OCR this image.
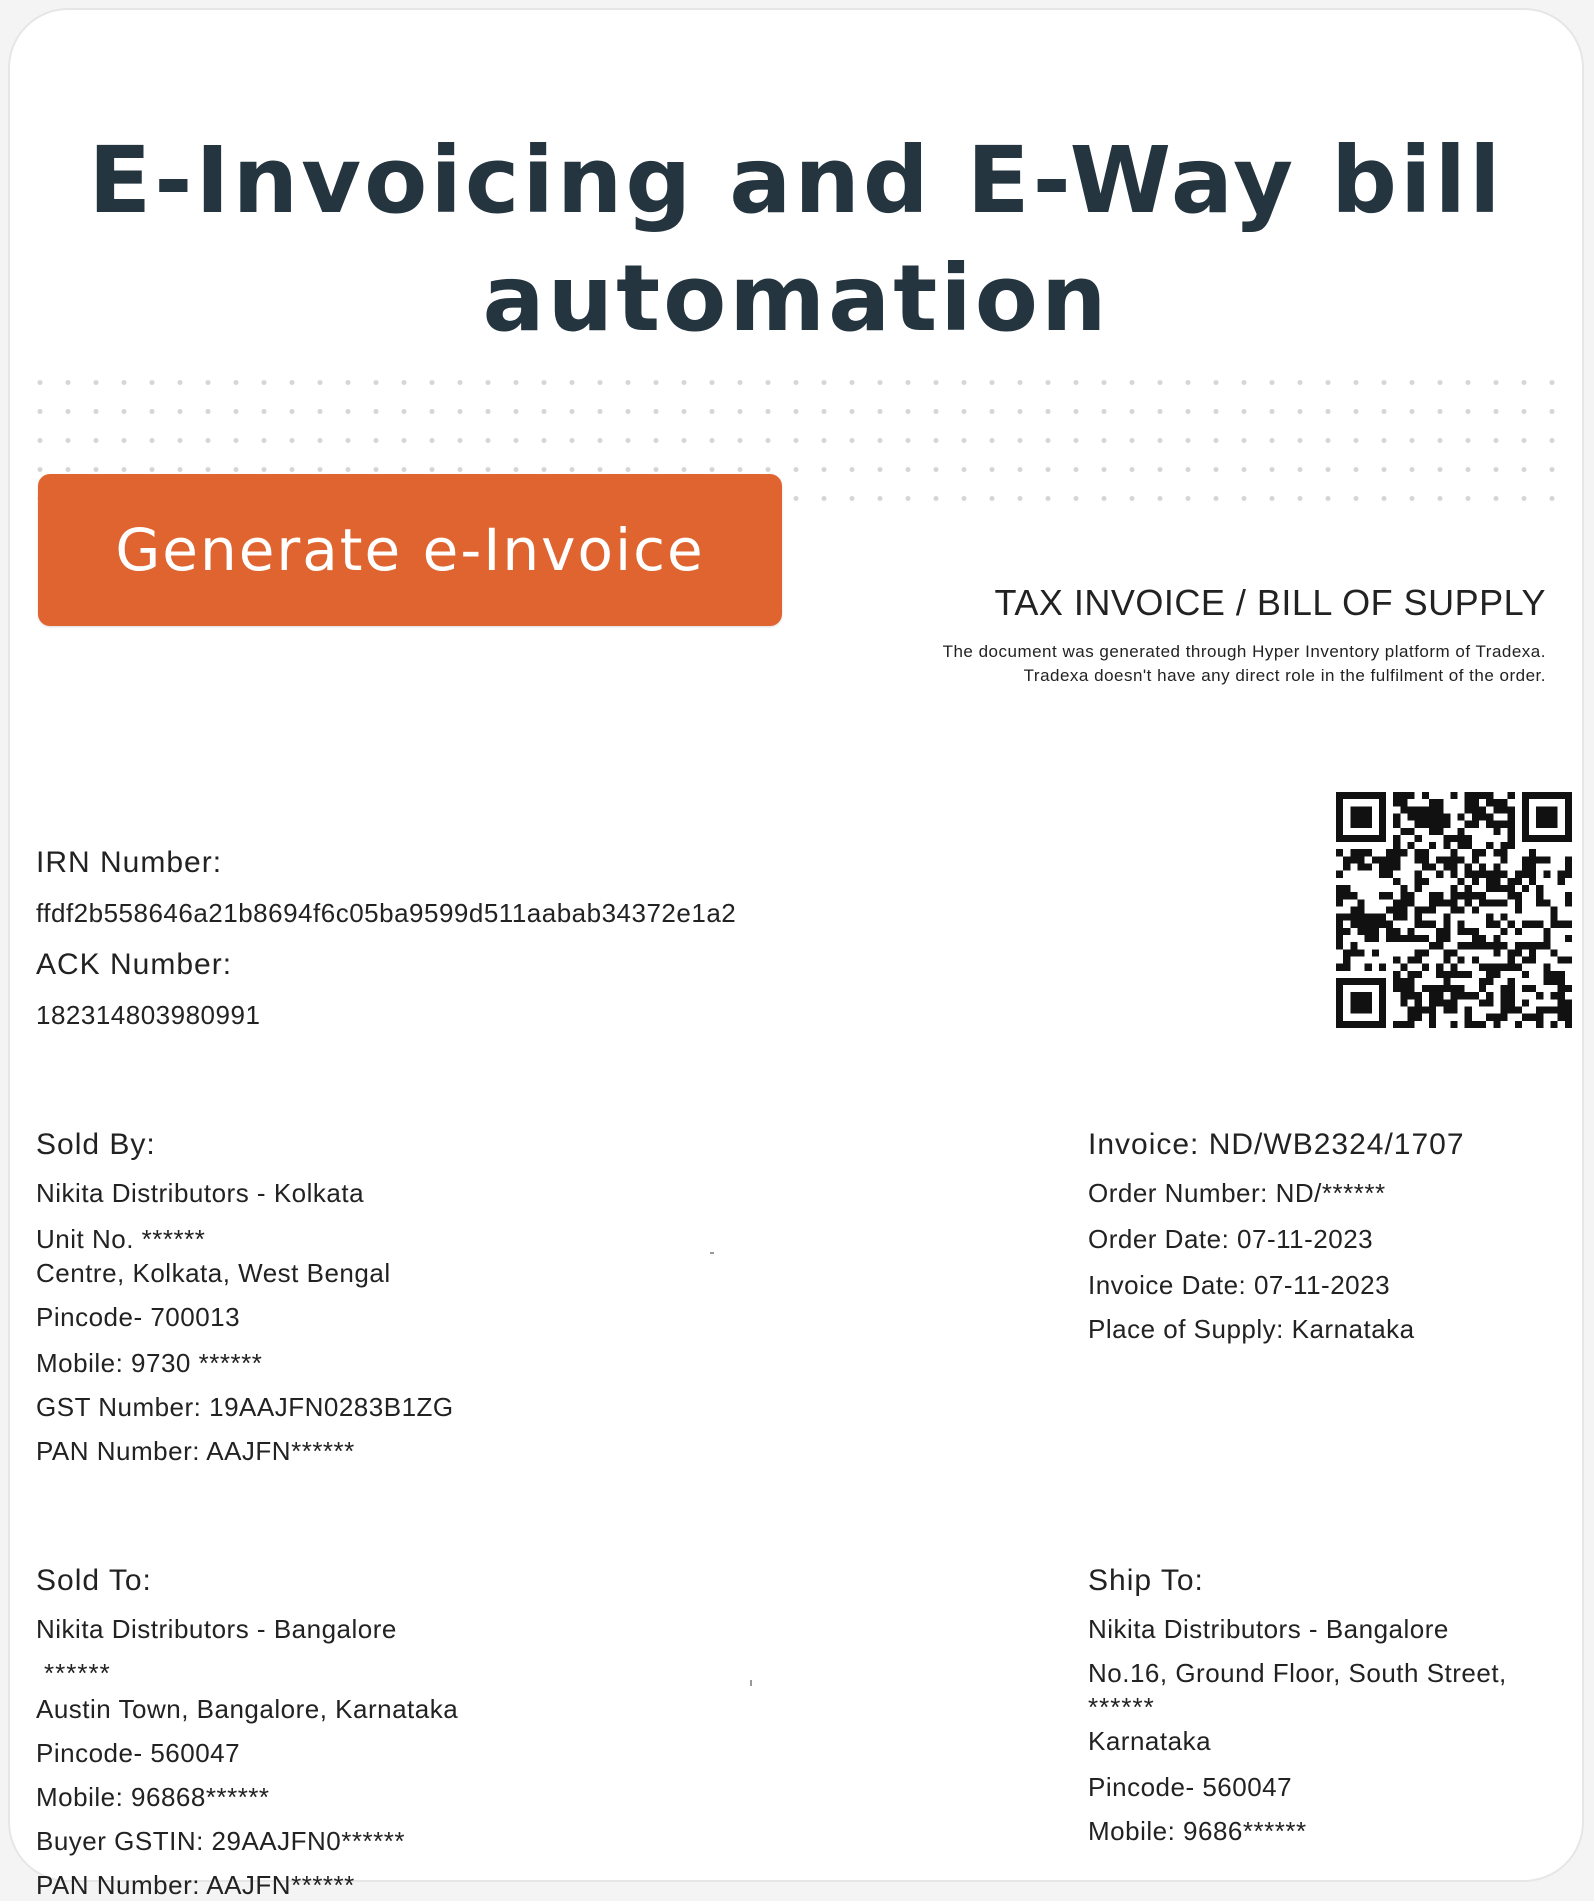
E-Invoicing and E-Way bill
automation
Generate e-Invoice
TAX INVOICE / BILL OF SUPPLY
The document was generated through Hyper Inventory platform of Tradexa.
Tradexa doesn't have any direct role in the fulfilment of the order.
IRN Number:
ffdf2b558646a21b8694f6c05ba9599d511aabab34372e1a2
ACK Number:
182314803980991
Sold By:
Nikita Distributors - Kolkata
Unit No. ******
Centre, Kolkata, West Bengal
Pincode- 700013
Mobile: 9730 ******
GST Number: 19AAJFN0283B1ZG
PAN Number: AAJFN******
Invoice: ND/WB2324/1707
Order Number: ND/******
Order Date: 07-11-2023
Invoice Date: 07-11-2023
Place of Supply: Karnataka
Sold To:
Nikita Distributors - Bangalore
******
Austin Town, Bangalore, Karnataka
Pincode- 560047
Mobile: 96868******
Buyer GSTIN: 29AAJFN0******
PAN Number: AAJFN******
Ship To:
Nikita Distributors - Bangalore
No.16, Ground Floor, South Street,
******
Karnataka
Pincode- 560047
Mobile: 9686******
